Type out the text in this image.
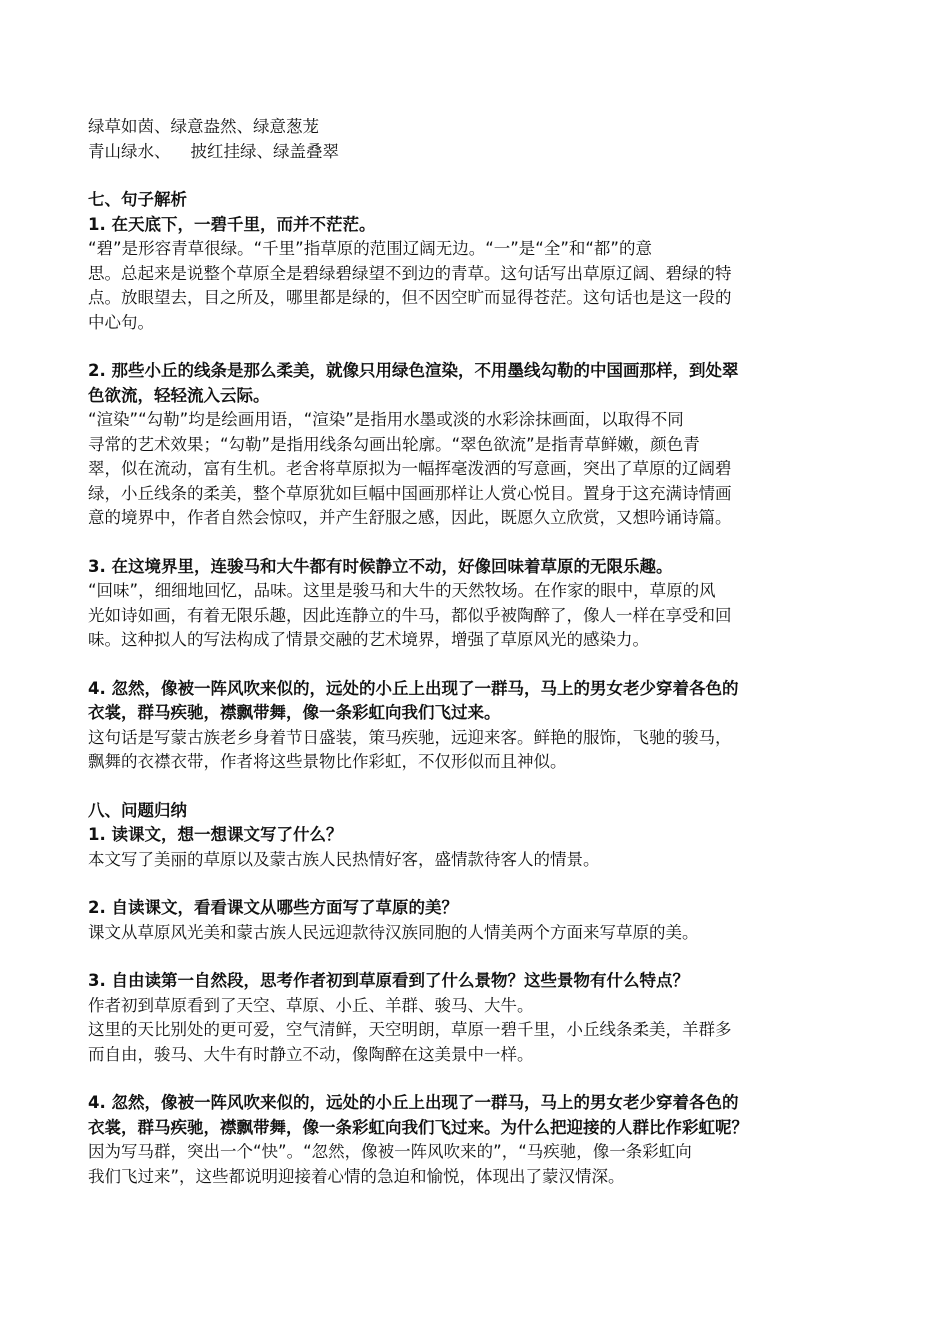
绿草如茵、绿意盎然、绿意葱茏
青山绿水、 披红挂绿、绿盖叠翠
七、句子解析
1. 在天底下，一碧千里，而并不茫茫。
“碧”是形容青草很绿。“千里”指草原的范围辽阔无边。“一”是“全”和“都”的意
思。总起来是说整个草原全是碧绿碧绿望不到边的青草。这句话写出草原辽阔、碧绿的特
点。放眼望去，目之所及，哪里都是绿的，但不因空旷而显得苍茫。这句话也是这一段的
中心句。
2. 那些小丘的线条是那么柔美，就像只用绿色渲染，不用墨线勾勒的中国画那样，到处翠
色欲流，轻轻流入云际。
“渲染”“勾勒”均是绘画用语，“渲染”是指用水墨或淡的水彩涂抹画面，以取得不同
寻常的艺术效果；“勾勒”是指用线条勾画出轮廓。“翠色欲流”是指青草鲜嫩，颜色青
翠，似在流动，富有生机。老舍将草原拟为一幅挥毫泼洒的写意画，突出了草原的辽阔碧
绿，小丘线条的柔美，整个草原犹如巨幅中国画那样让人赏心悦目。置身于这充满诗情画
意的境界中，作者自然会惊叹，并产生舒服之感，因此，既愿久立欣赏，又想吟诵诗篇。
3. 在这境界里，连骏马和大牛都有时候静立不动，好像回味着草原的无限乐趣。
“回味”，细细地回忆，品味。这里是骏马和大牛的天然牧场。在作家的眼中，草原的风
光如诗如画，有着无限乐趣，因此连静立的牛马，都似乎被陶醉了，像人一样在享受和回
味。这种拟人的写法构成了情景交融的艺术境界，增强了草原风光的感染力。
4. 忽然，像被一阵风吹来似的，远处的小丘上出现了一群马，马上的男女老少穿着各色的
衣裳，群马疾驰，襟飘带舞，像一条彩虹向我们飞过来。
这句话是写蒙古族老乡身着节日盛装，策马疾驰，远迎来客。鲜艳的服饰，飞驰的骏马，
飘舞的衣襟衣带，作者将这些景物比作彩虹，不仅形似而且神似。
八、问题归纳
1. 读课文，想一想课文写了什么？
本文写了美丽的草原以及蒙古族人民热情好客，盛情款待客人的情景。
2. 自读课文，看看课文从哪些方面写了草原的美？
课文从草原风光美和蒙古族人民远迎款待汉族同胞的人情美两个方面来写草原的美。
3. 自由读第一自然段，思考作者初到草原看到了什么景物？这些景物有什么特点？
作者初到草原看到了天空、草原、小丘、羊群、骏马、大牛。
这里的天比别处的更可爱，空气清鲜，天空明朗，草原一碧千里，小丘线条柔美，羊群多
而自由，骏马、大牛有时静立不动，像陶醉在这美景中一样。
4. 忽然，像被一阵风吹来似的，远处的小丘上出现了一群马，马上的男女老少穿着各色的
衣裳，群马疾驰，襟飘带舞，像一条彩虹向我们飞过来。为什么把迎接的人群比作彩虹呢？
因为写马群，突出一个“快”。“忽然，像被一阵风吹来的”，“马疾驰，像一条彩虹向
我们飞过来”，这些都说明迎接着心情的急迫和愉悦，体现出了蒙汉情深。
